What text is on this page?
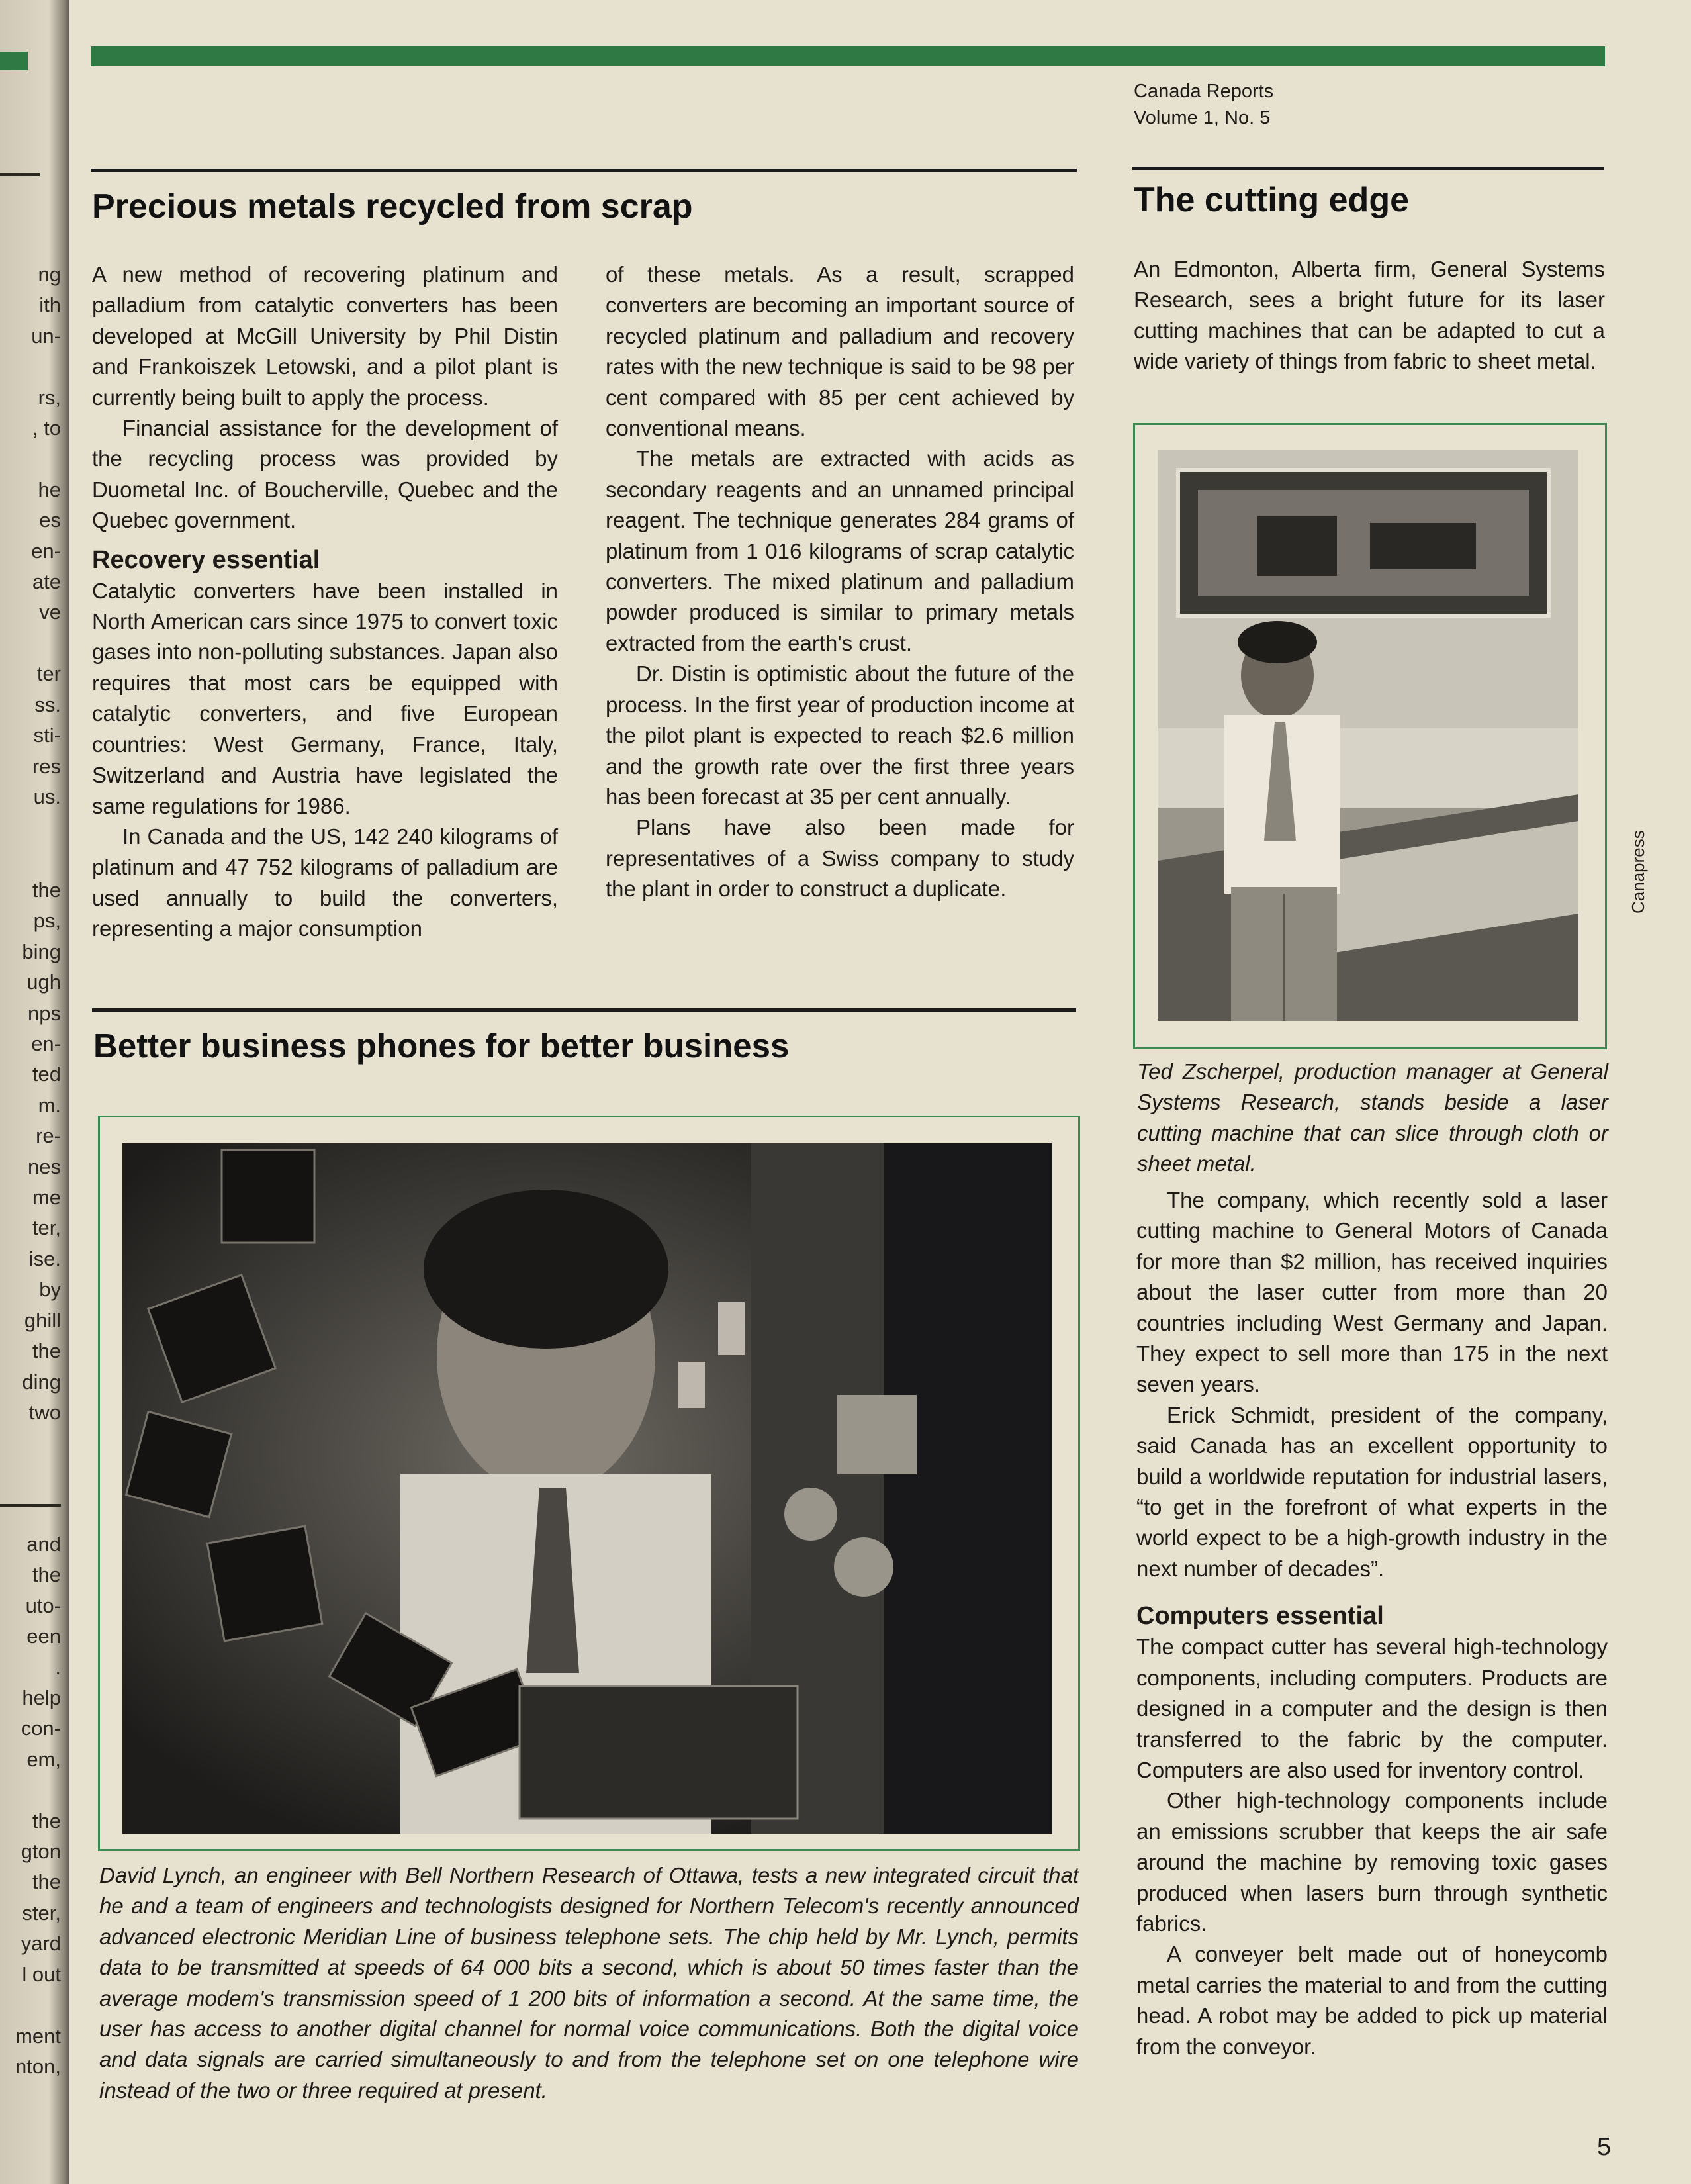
ng
ith
un-

rs,
, to

he
es
en-
ate
ve

ter
ss.
sti-
res
us.
the
ps,
bing
ugh
nps
en-
ted
m.
re-
nes
me
ter,
ise.
by
ghill
the
ding
two
and
the
uto-
een
.
help
con-
em,

the
gton
the
ster,
yard
l out

ment
nton,
Canada Reports
Volume 1, No. 5
Precious metals recycled from scrap

A new method of recovering platinum and palladium from catalytic converters has been developed at McGill University by Phil Distin and Frankoiszek Letowski, and a pilot plant is currently being built to apply the process.

Financial assistance for the development of the recycling process was provided by Duometal Inc. of Boucherville, Quebec and the Quebec government.

Recovery essential

Catalytic converters have been installed in North American cars since 1975 to convert toxic gases into non-polluting substances. Japan also requires that most cars be equipped with catalytic converters, and five European countries: West Germany, France, Italy, Switzerland and Austria have legislated the same regulations for 1986.

In Canada and the US, 142 240 kilograms of platinum and 47 752 kilograms of palladium are used annually to build the converters, representing a major consumption

of these metals. As a result, scrapped converters are becoming an important source of recycled platinum and palladium and recovery rates with the new technique is said to be 98 per cent compared with 85 per cent achieved by conventional means.

The metals are extracted with acids as secondary reagents and an unnamed principal reagent. The technique generates 284 grams of platinum from 1 016 kilograms of scrap catalytic converters. The mixed platinum and palladium powder produced is similar to primary metals extracted from the earth's crust.

Dr. Distin is optimistic about the future of the process. In the first year of production income at the pilot plant is expected to reach $2.6 million and the growth rate over the first three years has been forecast at 35 per cent annually.

Plans have also been made for representatives of a Swiss company to study the plant in order to construct a duplicate.

Better business phones for better business

David Lynch, an engineer with Bell Northern Research of Ottawa, tests a new integrated circuit that he and a team of engineers and technologists designed for Northern Telecom's recently announced advanced electronic Meridian Line of business telephone sets. The chip held by Mr. Lynch, permits data to be transmitted at speeds of 64 000 bits a second, which is about 50 times faster than the average modem's transmission speed of 1 200 bits of information a second. At the same time, the user has access to another digital channel for normal voice communications. Both the digital voice and data signals are carried simultaneously to and from the telephone set on one telephone wire instead of the two or three required at present.

The cutting edge

An Edmonton, Alberta firm, General Systems Research, sees a bright future for its laser cutting machines that can be adapted to cut a wide variety of things from fabric to sheet metal.

Canapress

Ted Zscherpel, production manager at General Systems Research, stands beside a laser cutting machine that can slice through cloth or sheet metal.

The company, which recently sold a laser cutting machine to General Motors of Canada for more than $2 million, has received inquiries about the laser cutter from more than 20 countries including West Germany and Japan. They expect to sell more than 175 in the next seven years.

Erick Schmidt, president of the company, said Canada has an excellent opportunity to build a worldwide reputation for industrial lasers, “to get in the forefront of what experts in the world expect to be a high-growth industry in the next number of decades”.

Computers essential

The compact cutter has several high-technology components, including computers. Products are designed in a computer and the design is then transferred to the fabric by the computer. Computers are also used for inventory control.

Other high-technology components include an emissions scrubber that keeps the air safe around the machine by removing toxic gases produced when lasers burn through synthetic fabrics.

A conveyer belt made out of honeycomb metal carries the material to and from the cutting head. A robot may be added to pick up material from the conveyor.

5
